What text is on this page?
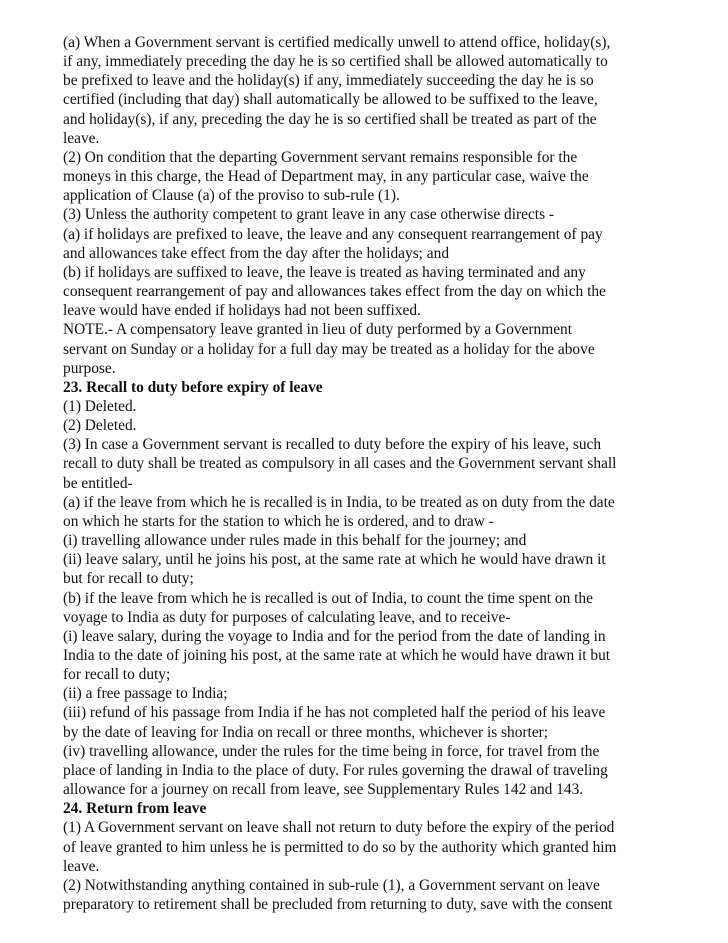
(a) When a Government servant is certified medically unwell to attend office, holiday(s),
if any, immediately preceding the day he is so certified shall be allowed automatically to
be prefixed to leave and the holiday(s) if any, immediately succeeding the day he is so
certified (including that day) shall automatically be allowed to be suffixed to the leave,
and holiday(s), if any, preceding the day he is so certified shall be treated as part of the
leave.
(2) On condition that the departing Government servant remains responsible for the
moneys in this charge, the Head of Department may, in any particular case, waive the
application of Clause (a) of the proviso to sub-rule (1).
(3) Unless the authority competent to grant leave in any case otherwise directs -
(a) if holidays are prefixed to leave, the leave and any consequent rearrangement of pay
and allowances take effect from the day after the holidays; and
(b) if holidays are suffixed to leave, the leave is treated as having terminated and any
consequent rearrangement of pay and allowances takes effect from the day on which the
leave would have ended if holidays had not been suffixed.
NOTE.- A compensatory leave granted in lieu of duty performed by a Government
servant on Sunday or a holiday for a full day may be treated as a holiday for the above
purpose.
23. Recall to duty before expiry of leave
(1) Deleted.
(2) Deleted.
(3) In case a Government servant is recalled to duty before the expiry of his leave, such
recall to duty shall be treated as compulsory in all cases and the Government servant shall
be entitled-
(a) if the leave from which he is recalled is in India, to be treated as on duty from the date
on which he starts for the station to which he is ordered, and to draw -
(i) travelling allowance under rules made in this behalf for the journey; and
(ii) leave salary, until he joins his post, at the same rate at which he would have drawn it
but for recall to duty;
(b) if the leave from which he is recalled is out of India, to count the time spent on the
voyage to India as duty for purposes of calculating leave, and to receive-
(i) leave salary, during the voyage to India and for the period from the date of landing in
India to the date of joining his post, at the same rate at which he would have drawn it but
for recall to duty;
(ii) a free passage to India;
(iii) refund of his passage from India if he has not completed half the period of his leave
by the date of leaving for India on recall or three months, whichever is shorter;
(iv) travelling allowance, under the rules for the time being in force, for travel from the
place of landing in India to the place of duty. For rules governing the drawal of traveling
allowance for a journey on recall from leave, see Supplementary Rules 142 and 143.
24. Return from leave
(1) A Government servant on leave shall not return to duty before the expiry of the period
of leave granted to him unless he is permitted to do so by the authority which granted him
leave.
(2) Notwithstanding anything contained in sub-rule (1), a Government servant on leave
preparatory to retirement shall be precluded from returning to duty, save with the consent
